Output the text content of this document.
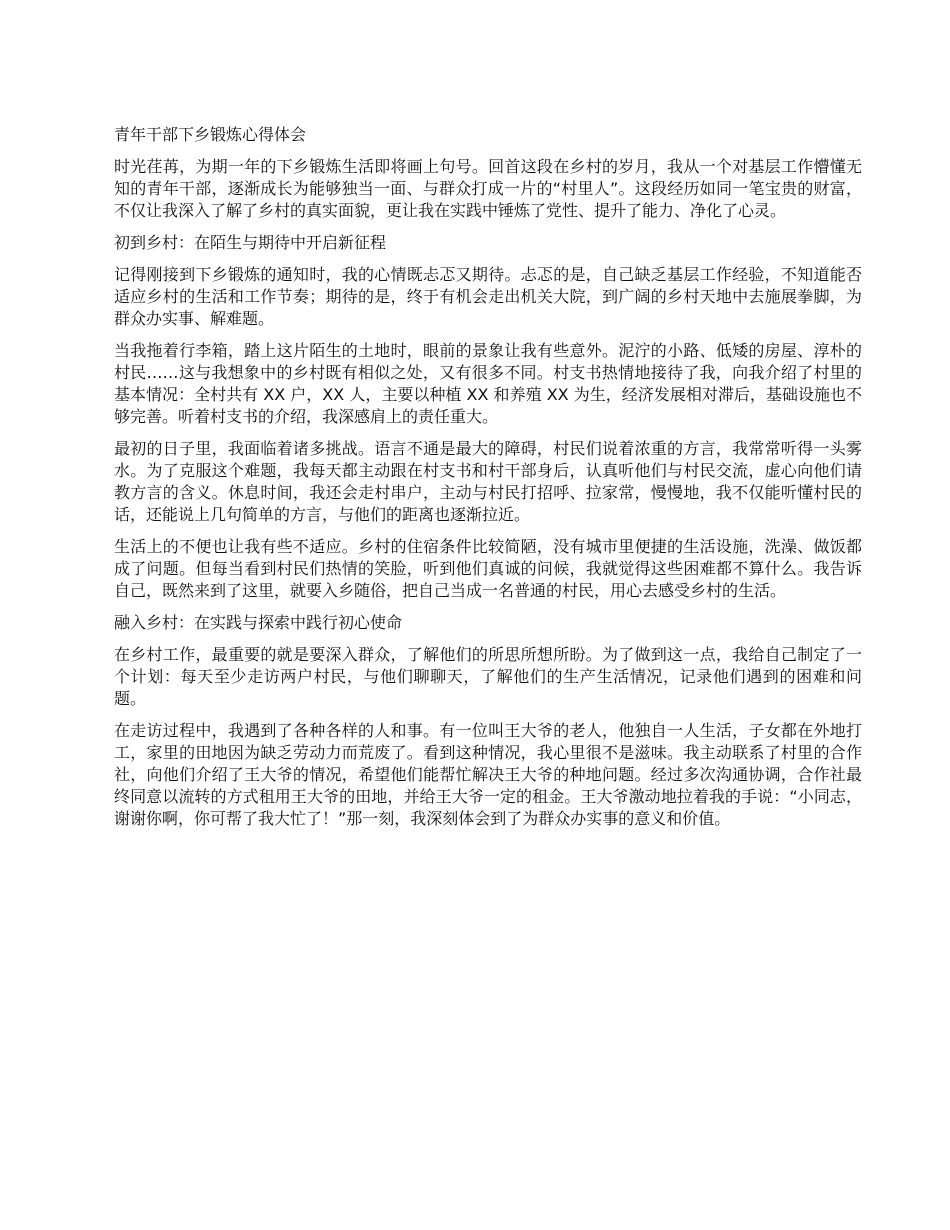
青年干部下乡锻炼心得体会

时光荏苒，为期一年的下乡锻炼生活即将画上句号。回首这段在乡村的岁月，我从一个对基层工作懵懂无知的青年干部，逐渐成长为能够独当一面、与群众打成一片的“村里人”。这段经历如同一笔宝贵的财富，不仅让我深入了解了乡村的真实面貌，更让我在实践中锤炼了党性、提升了能力、净化了心灵。

初到乡村：在陌生与期待中开启新征程

记得刚接到下乡锻炼的通知时，我的心情既忐忑又期待。忐忑的是，自己缺乏基层工作经验，不知道能否适应乡村的生活和工作节奏；期待的是，终于有机会走出机关大院，到广阔的乡村天地中去施展拳脚，为群众办实事、解难题。

当我拖着行李箱，踏上这片陌生的土地时，眼前的景象让我有些意外。泥泞的小路、低矮的房屋、淳朴的村民……这与我想象中的乡村既有相似之处，又有很多不同。村支书热情地接待了我，向我介绍了村里的基本情况：全村共有 XX 户，XX 人，主要以种植 XX 和养殖 XX 为生，经济发展相对滞后，基础设施也不够完善。听着村支书的介绍，我深感肩上的责任重大。

最初的日子里，我面临着诸多挑战。语言不通是最大的障碍，村民们说着浓重的方言，我常常听得一头雾水。为了克服这个难题，我每天都主动跟在村支书和村干部身后，认真听他们与村民交流，虚心向他们请教方言的含义。休息时间，我还会走村串户，主动与村民打招呼、拉家常，慢慢地，我不仅能听懂村民的话，还能说上几句简单的方言，与他们的距离也逐渐拉近。

生活上的不便也让我有些不适应。乡村的住宿条件比较简陋，没有城市里便捷的生活设施，洗澡、做饭都成了问题。但每当看到村民们热情的笑脸，听到他们真诚的问候，我就觉得这些困难都不算什么。我告诉自己，既然来到了这里，就要入乡随俗，把自己当成一名普通的村民，用心去感受乡村的生活。

融入乡村：在实践与探索中践行初心使命

在乡村工作，最重要的就是要深入群众，了解他们的所思所想所盼。为了做到这一点，我给自己制定了一个计划：每天至少走访两户村民，与他们聊聊天，了解他们的生产生活情况，记录他们遇到的困难和问题。

在走访过程中，我遇到了各种各样的人和事。有一位叫王大爷的老人，他独自一人生活，子女都在外地打工，家里的田地因为缺乏劳动力而荒废了。看到这种情况，我心里很不是滋味。我主动联系了村里的合作社，向他们介绍了王大爷的情况，希望他们能帮忙解决王大爷的种地问题。经过多次沟通协调，合作社最终同意以流转的方式租用王大爷的田地，并给王大爷一定的租金。王大爷激动地拉着我的手说：“小同志，谢谢你啊，你可帮了我大忙了！”那一刻，我深刻体会到了为群众办实事的意义和价值。
